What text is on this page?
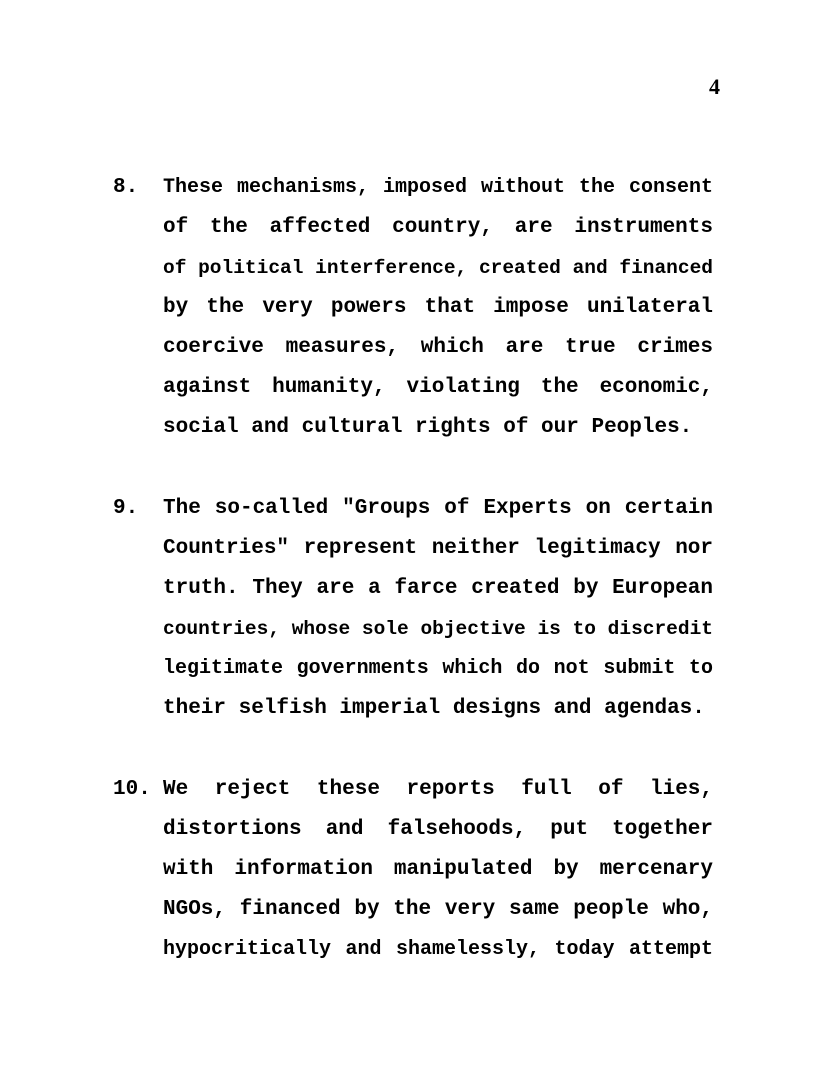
4
8. These mechanisms, imposed without the consent
of the affected country, are instruments
of political interference, created and financed
by the very powers that impose unilateral
coercive measures, which are true crimes
against humanity, violating the economic,
social and cultural rights of our Peoples.
9. The so-called "Groups of Experts on certain
Countries" represent neither legitimacy nor
truth. They are a farce created by European
countries, whose sole objective is to discredit
legitimate governments which do not submit to
their selfish imperial designs and agendas.
10. We reject these reports full of lies,
distortions and falsehoods, put together
with information manipulated by mercenary
NGOs, financed by the very same people who,
hypocritically and shamelessly, today attempt
